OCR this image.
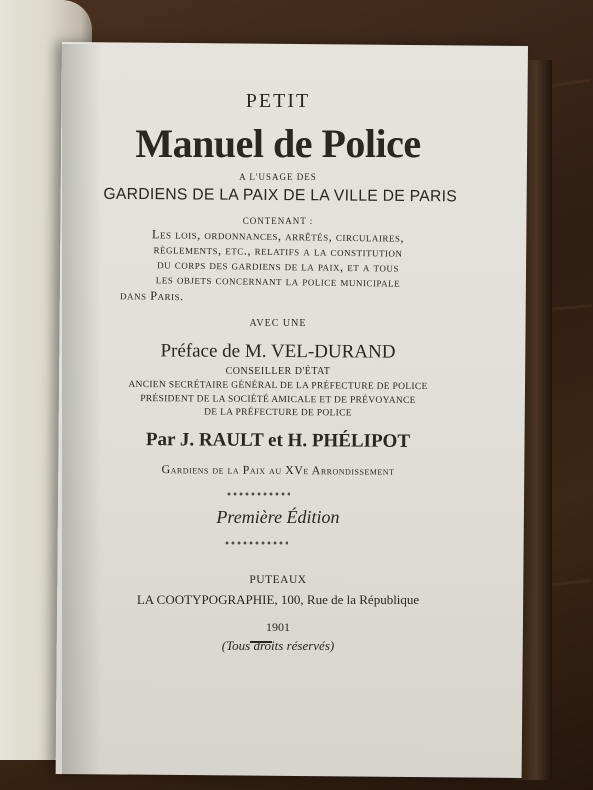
PETIT
Manuel de Police
A L'USAGE DES
GARDIENS DE LA PAIX DE LA VILLE DE PARIS
CONTENANT :
Les lois, ordonnances, arrêtés, circulaires,
règlements, etc., relatifs a la constitution
du corps des gardiens de la paix, et a tous
les objets concernant la police municipale
dans Paris.
AVEC UNE
Préface de M. VEL-DURAND
CONSEILLER D'ÉTAT
ANCIEN SECRÉTAIRE GÉNÉRAL DE LA PRÉFECTURE DE POLICE
PRÉSIDENT DE LA SOCIÉTÉ AMICALE ET DE PRÉVOYANCE
DE LA PRÉFECTURE DE POLICE
Par J. RAULT et H. PHÉLIPOT
Gardiens de la Paix au XVe Arrondissement
Première Édition
PUTEAUX
LA COOTYPOGRAPHIE, 100, Rue de la République
1901
(Tous droits réservés)
